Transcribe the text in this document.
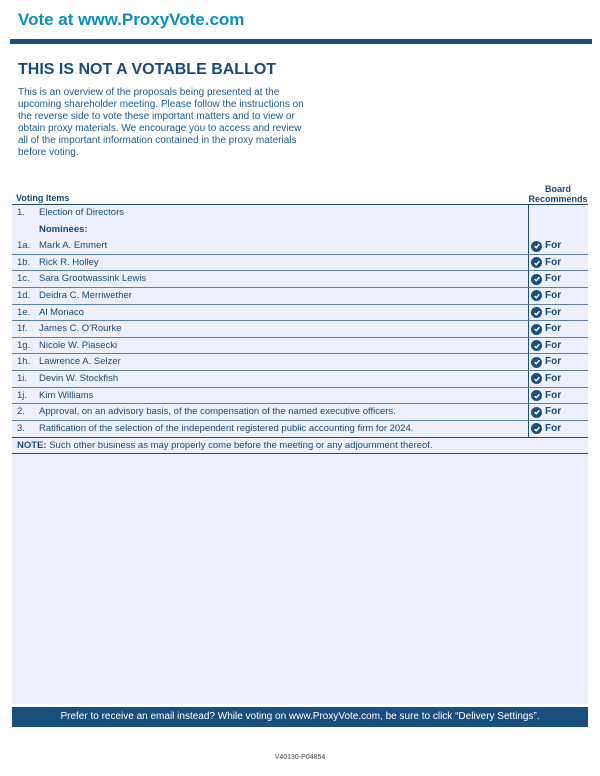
Vote at www.ProxyVote.com
THIS IS NOT A VOTABLE BALLOT
This is an overview of the proposals being presented at the upcoming shareholder meeting. Please follow the instructions on the reverse side to vote these important matters and to view or obtain proxy materials. We encourage you to access and review all of the important information contained in the proxy materials before voting.
Voting Items
Board
Recommends
1. Election of Directors
Nominees:
1a. Mark A. Emmert	For
1b. Rick R. Holley	For
1c. Sara Grootwassink Lewis	For
1d. Deidra C. Merriwether	For
1e. Al Monaco	For
1f. James C. O'Rourke	For
1g. Nicole W. Piasecki	For
1h. Lawrence A. Selzer	For
1i. Devin W. Stockfish	For
1j. Kim Williams	For
2. Approval, on an advisory basis, of the compensation of the named executive officers.	For
3. Ratification of the selection of the independent registered public accounting firm for 2024.	For
NOTE: Such other business as may properly come before the meeting or any adjournment thereof.
Prefer to receive an email instead? While voting on www.ProxyVote.com, be sure to click “Delivery Settings”.
V40130-P04854
